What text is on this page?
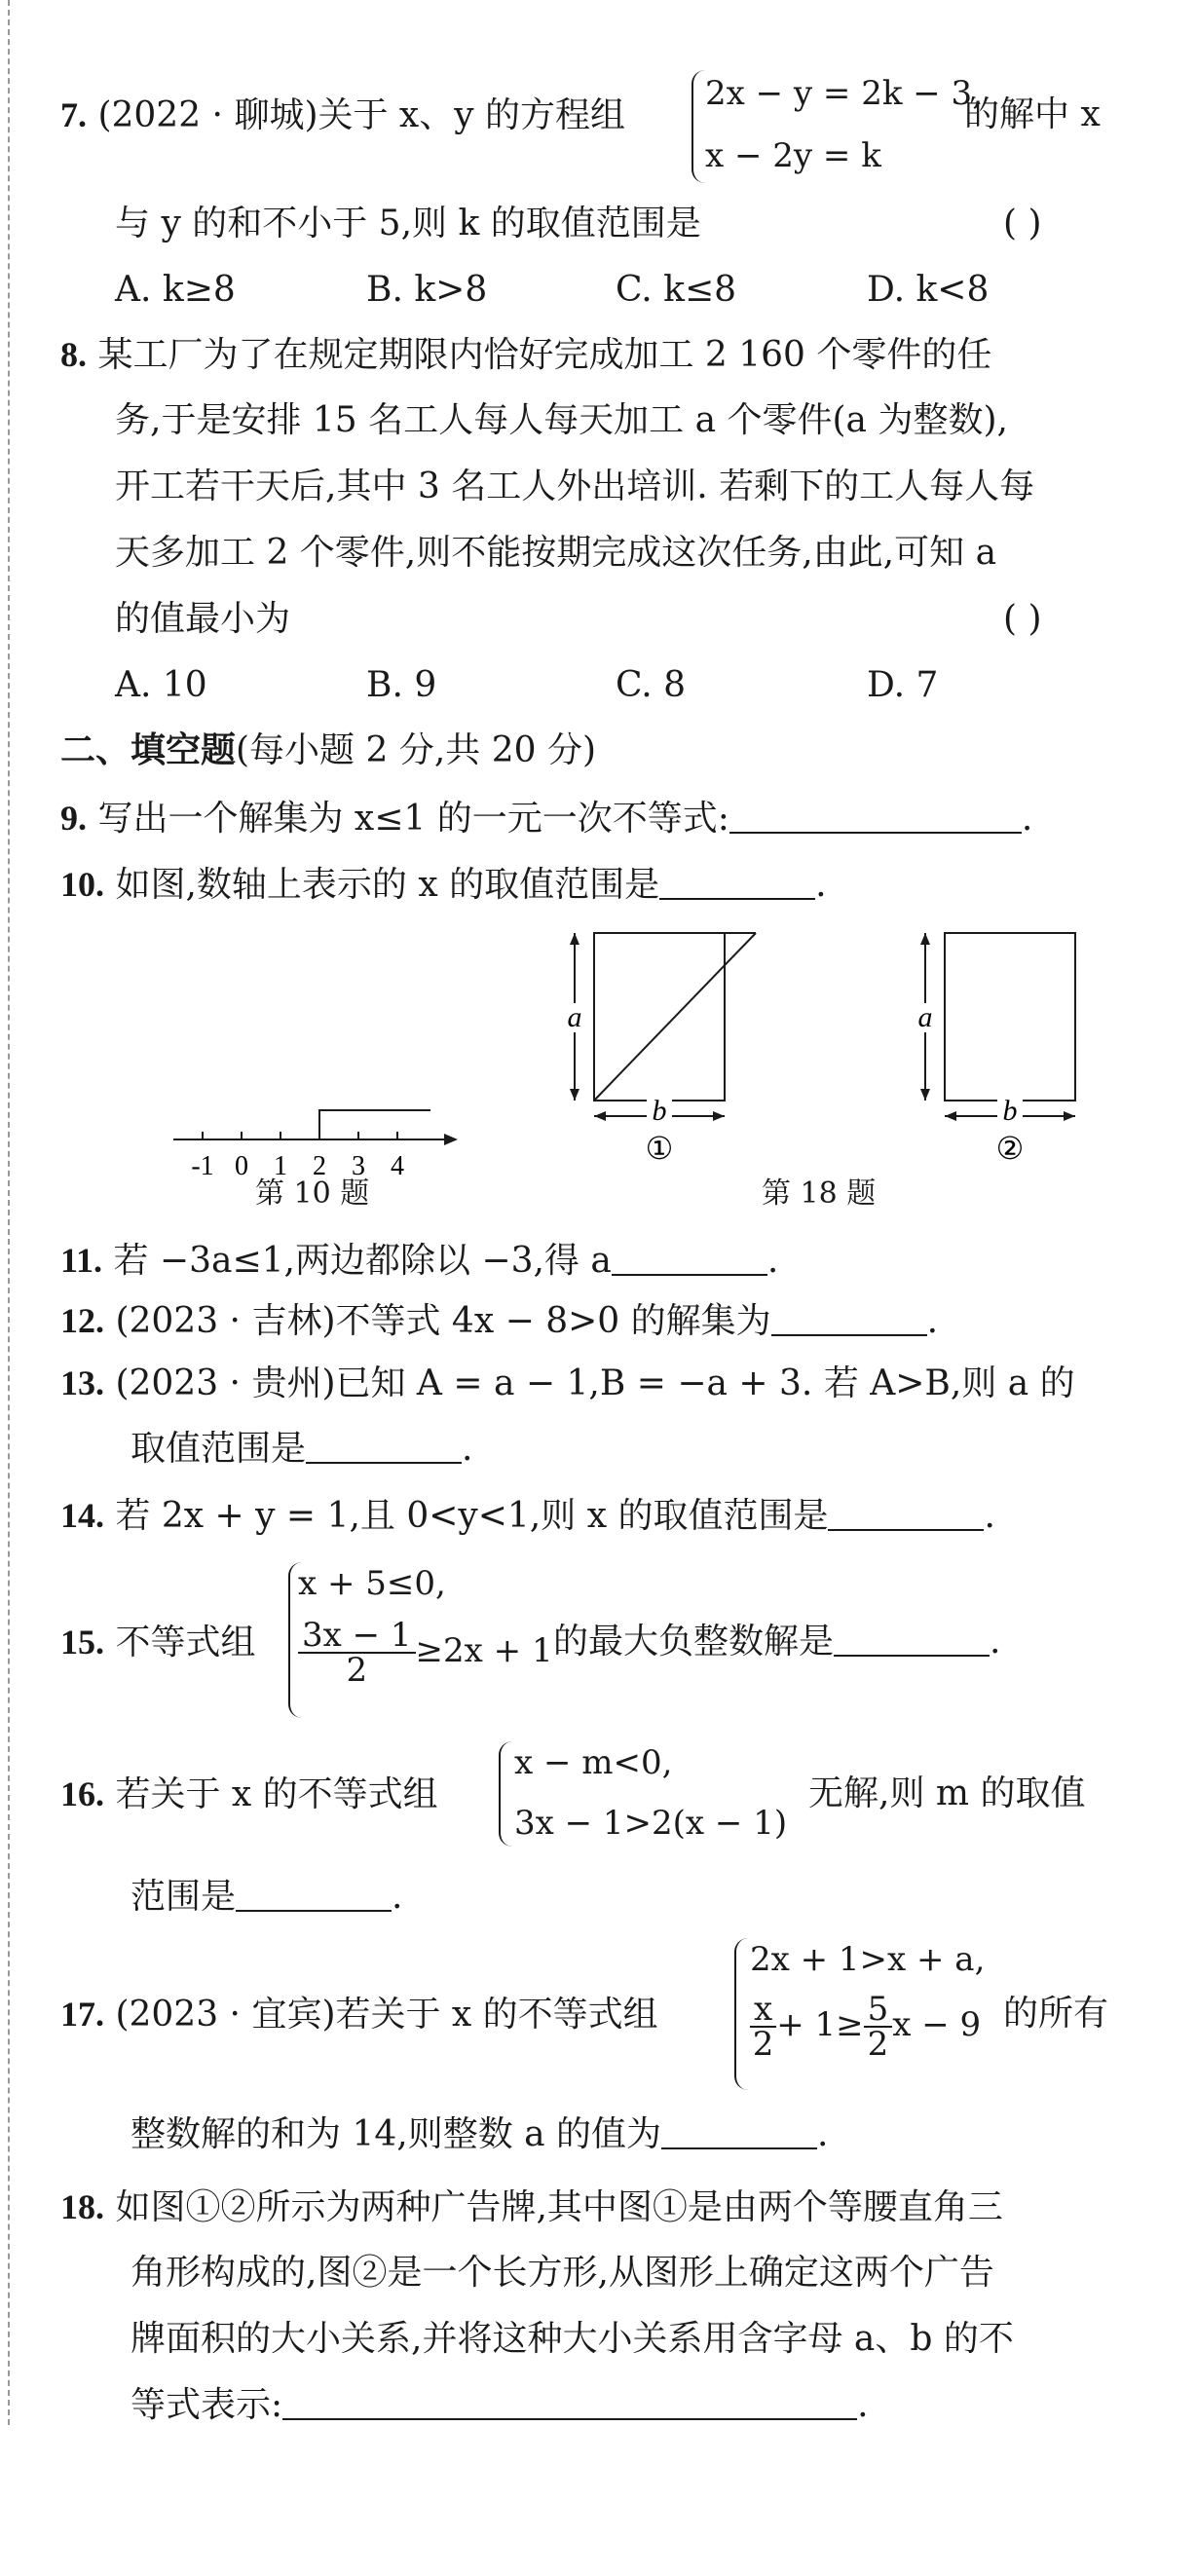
7. (2022 · 聊城)关于 x、y 的方程组
2x − y = 2k − 3,
x − 2y = k
的解中 x
与 y 的和不小于 5,则 k 的取值范围是	( )
A. k≥8	B. k>8	C. k≤8	D. k<8
8. 某工厂为了在规定期限内恰好完成加工 2 160 个零件的任
务,于是安排 15 名工人每人每天加工 a 个零件(a 为整数),
开工若干天后,其中 3 名工人外出培训. 若剩下的工人每人每
天多加工 2 个零件,则不能按期完成这次任务,由此,可知 a
的值最小为	( )
A. 10	B. 9	C. 8	D. 7
二、填空题(每小题 2 分,共 20 分)
9. 写出一个解集为 x≤1 的一元一次不等式:	.
10. 如图,数轴上表示的 x 的取值范围是	.
-1 0 1 2 3 4
第 10 题
a
b
①
a
b
②
第 18 题
11. 若 −3a≤1,两边都除以 −3,得 a	.
12. (2023 · 吉林)不等式 4x − 8>0 的解集为	.
13. (2023 · 贵州)已知 A = a − 1,B = −a + 3. 若 A>B,则 a 的
取值范围是	.
14. 若 2x + y = 1,且 0<y<1,则 x 的取值范围是	.
15. 不等式组
x + 5≤0,
$\frac{3x - 1}{2} \ge 2x + 1$ 的最大负整数解是	.
16. 若关于 x 的不等式组
x − m<0,
3x − 1>2(x − 1)
无解,则 m 的取值
范围是	.
17. (2023 · 宜宾)若关于 x 的不等式组
2x + 1>x + a,
$\frac{x}{2} + 1\ge \frac{5}{2}$ x − 9 的所有
整数解的和为 14,则整数 a 的值为	.
18. 如图①②所示为两种广告牌,其中图①是由两个等腰直角三
角形构成的,图②是一个长方形,从图形上确定这两个广告
牌面积的大小关系,并将这种大小关系用含字母 a、b 的不
等式表示:	.
